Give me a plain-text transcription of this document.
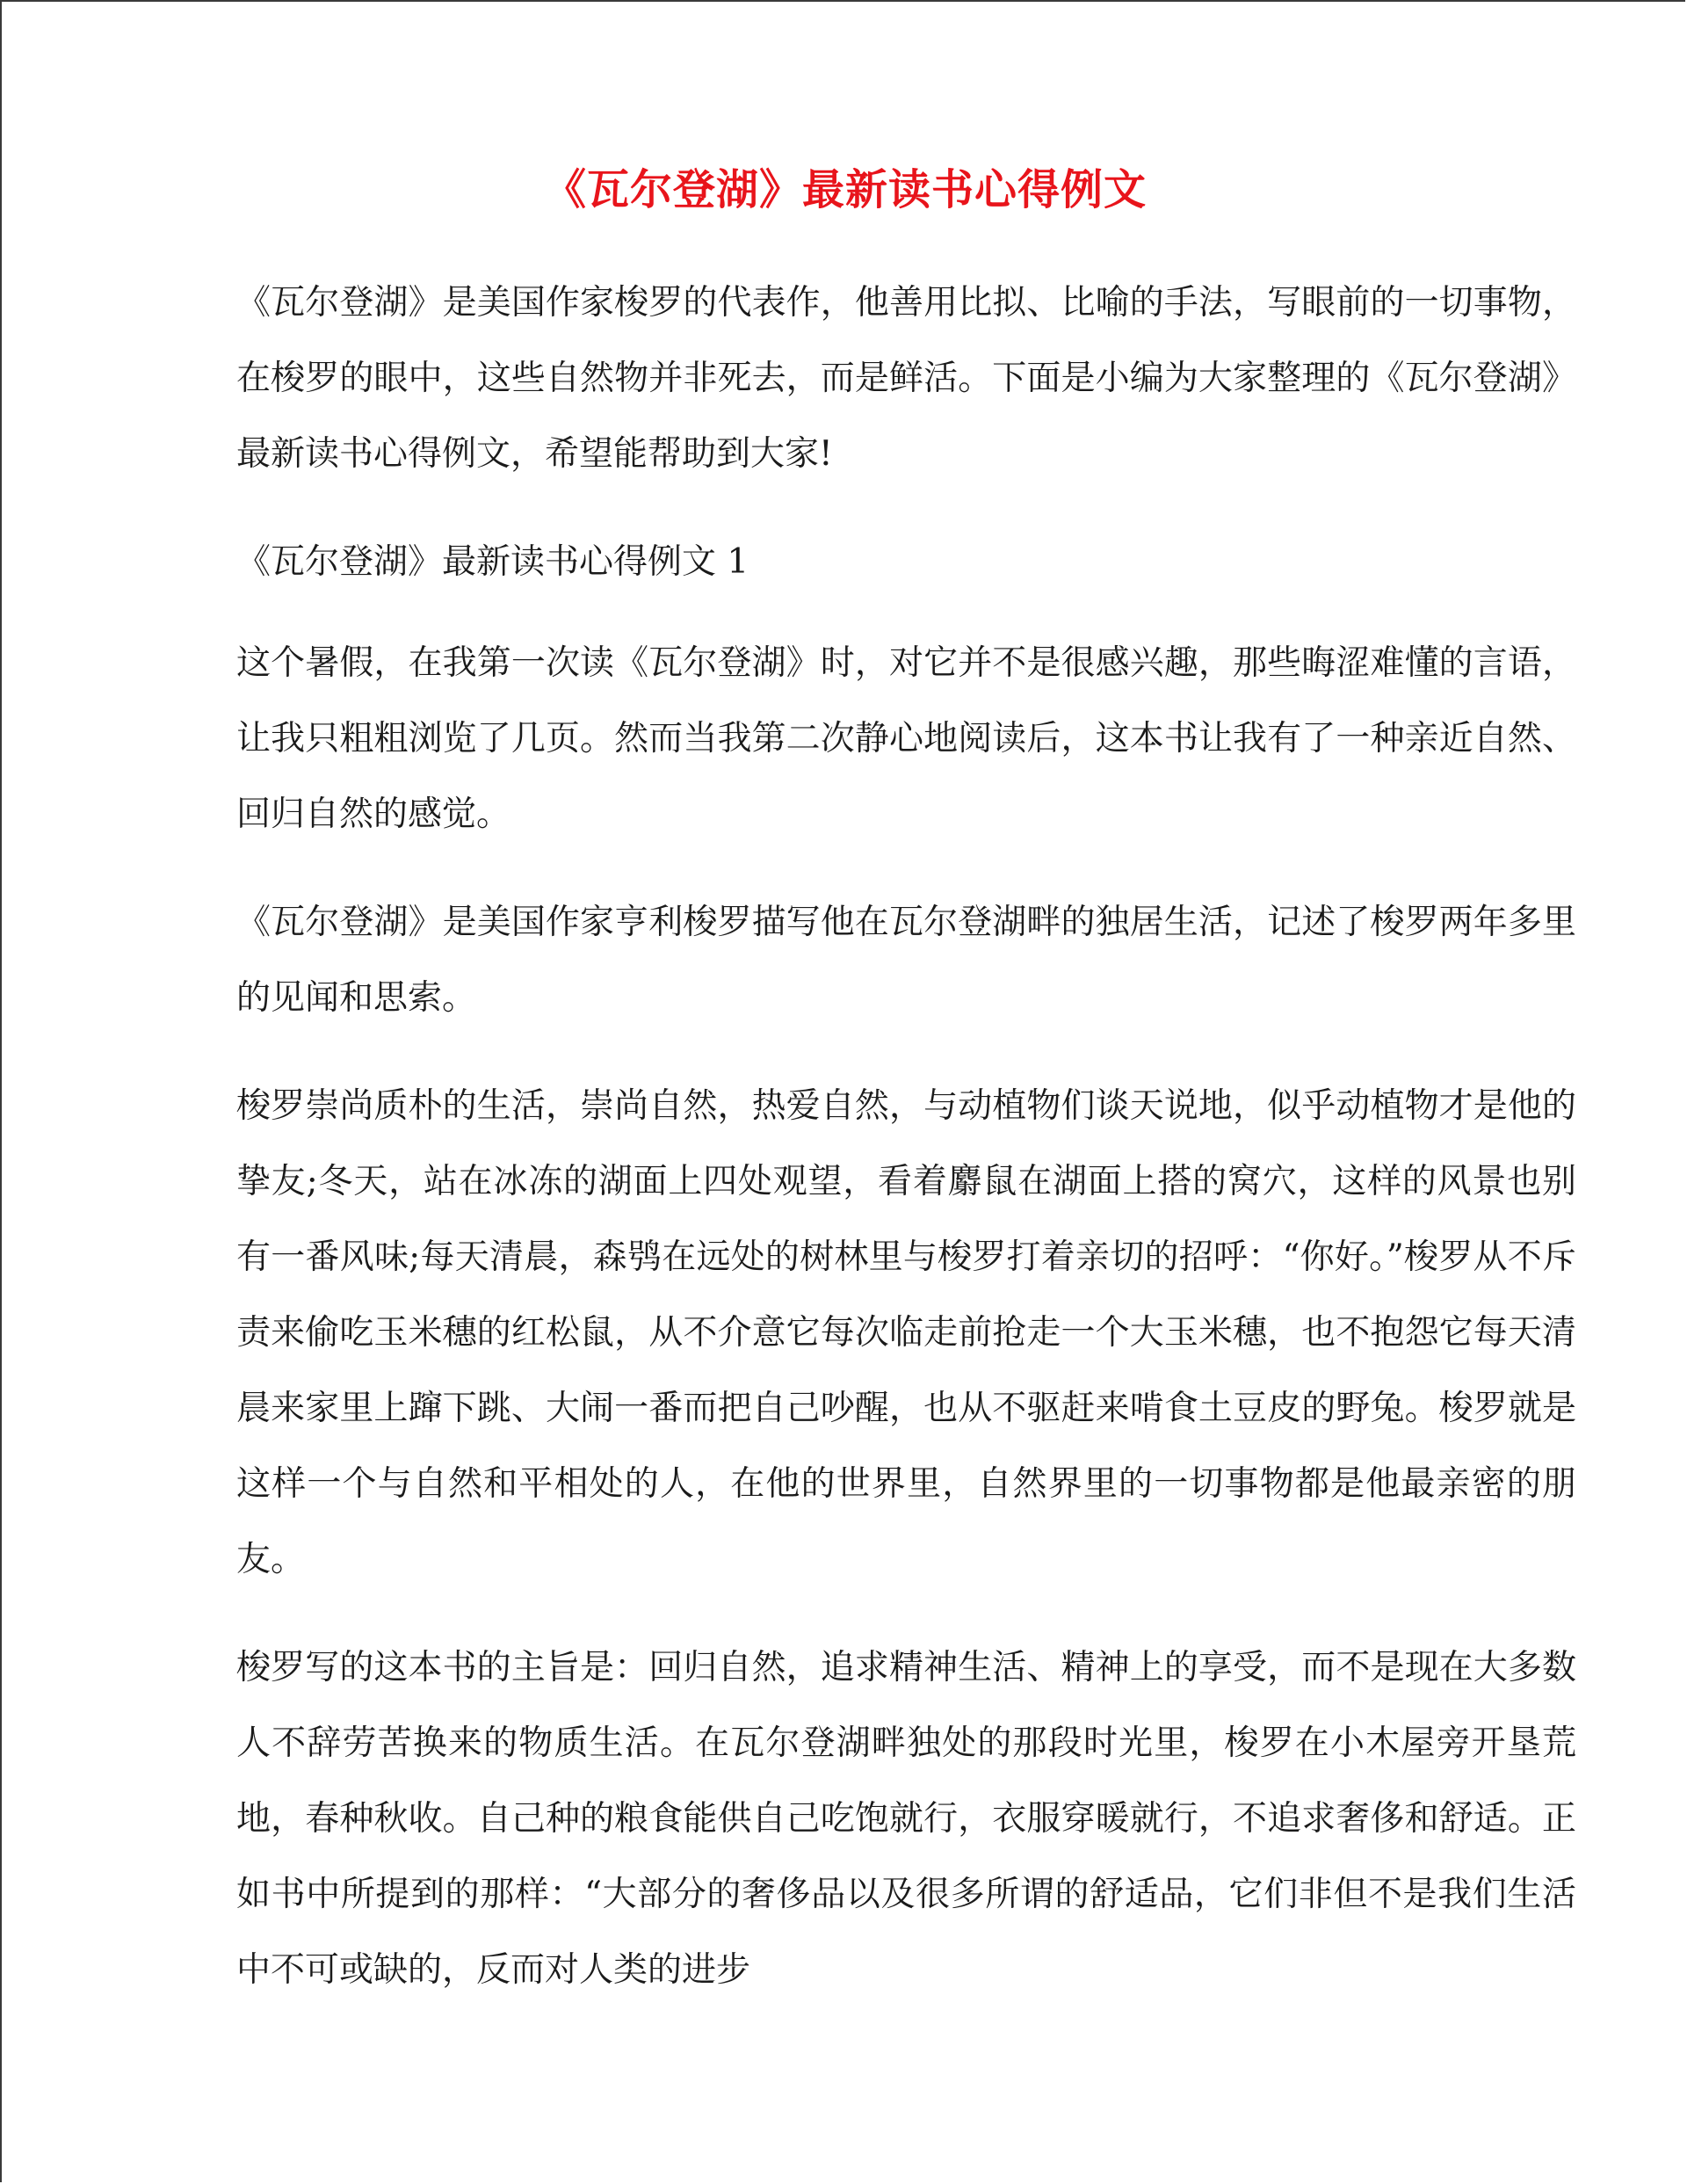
《瓦尔登湖》最新读书心得例文

《瓦尔登湖》是美国作家梭罗的代表作，他善用比拟、比喻的手法，写眼前的一切事物，在梭罗的眼中，这些自然物并非死去，而是鲜活。下面是小编为大家整理的《瓦尔登湖》最新读书心得例文，希望能帮助到大家!

《瓦尔登湖》最新读书心得例文 1

这个暑假，在我第一次读《瓦尔登湖》时，对它并不是很感兴趣，那些晦涩难懂的言语，让我只粗粗浏览了几页。然而当我第二次静心地阅读后，这本书让我有了一种亲近自然、回归自然的感觉。

《瓦尔登湖》是美国作家亨利梭罗描写他在瓦尔登湖畔的独居生活，记述了梭罗两年多里的见闻和思索。

梭罗崇尚质朴的生活，崇尚自然，热爱自然，与动植物们谈天说地，似乎动植物才是他的挚友;冬天，站在冰冻的湖面上四处观望，看着麝鼠在湖面上搭的窝穴，这样的风景也别有一番风味;每天清晨，森鸮在远处的树林里与梭罗打着亲切的招呼：“你好。”梭罗从不斥责来偷吃玉米穗的红松鼠，从不介意它每次临走前抢走一个大玉米穗，也不抱怨它每天清晨来家里上蹿下跳、大闹一番而把自己吵醒，也从不驱赶来啃食土豆皮的野兔。梭罗就是这样一个与自然和平相处的人，在他的世界里，自然界里的一切事物都是他最亲密的朋友。

梭罗写的这本书的主旨是：回归自然，追求精神生活、精神上的享受，而不是现在大多数人不辞劳苦换来的物质生活。在瓦尔登湖畔独处的那段时光里，梭罗在小木屋旁开垦荒地，春种秋收。自己种的粮食能供自己吃饱就行，衣服穿暖就行，不追求奢侈和舒适。正如书中所提到的那样：“大部分的奢侈品以及很多所谓的舒适品，它们非但不是我们生活中不可或缺的，反而对人类的进步
